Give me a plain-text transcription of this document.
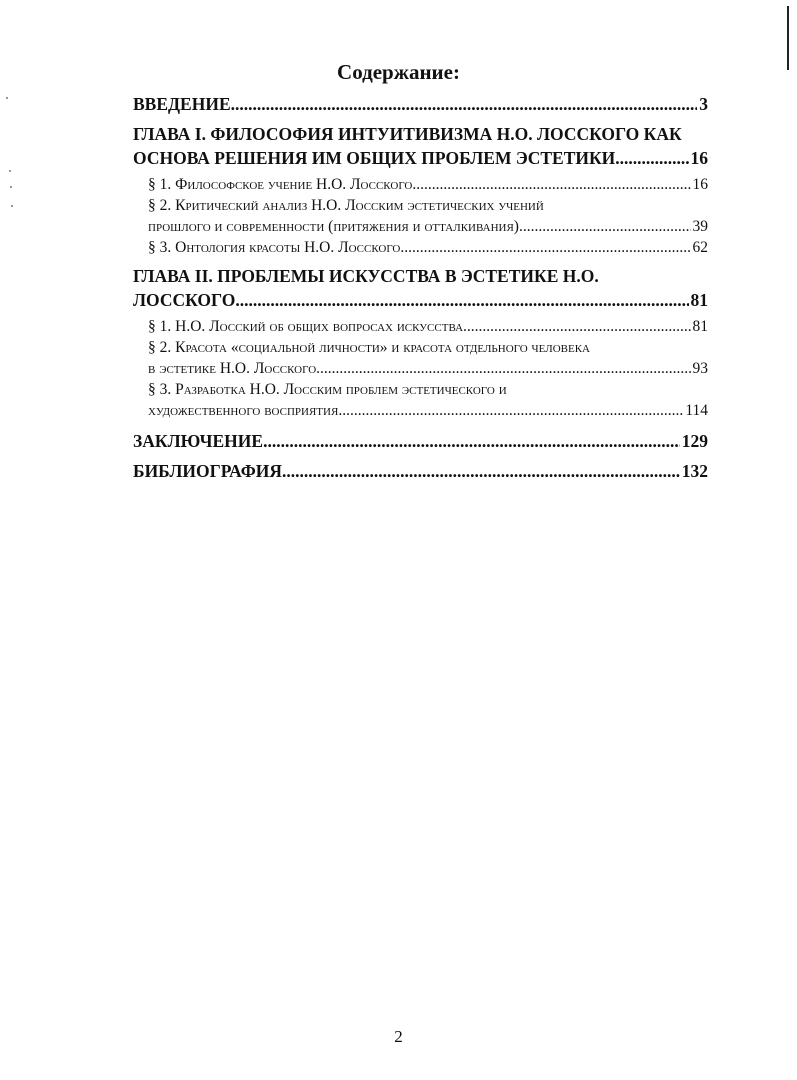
Содержание:
ВВЕДЕНИЕ .....	3
ГЛАВА I. ФИЛОСОФИЯ ИНТУИТИВИЗМА Н.О. ЛОССКОГО КАК
ОСНОВА РЕШЕНИЯ ИМ ОБЩИХ ПРОБЛЕМ ЭСТЕТИКИ .....	16
§ 1. Философское учение Н.О. Лосского .....	16
§ 2. Критический анализ Н.О. Лосским эстетических учений
прошлого и современности (притяжения и отталкивания) .....	39
§ 3. Онтология красоты Н.О. Лосского .....	62
ГЛАВА II. ПРОБЛЕМЫ ИСКУССТВА В ЭСТЕТИКЕ Н.О.
ЛОССКОГО .....	81
§ 1. Н.О. Лосский об общих вопросах искусства .....	81
§ 2. Красота «социальной личности» и красота отдельного человека
в эстетике Н.О. Лосского .....	93
§ 3. Разработка Н.О. Лосским проблем эстетического и
художественного восприятия .....	114
ЗАКЛЮЧЕНИЕ .....	129
БИБЛИОГРАФИЯ .....	132
2
